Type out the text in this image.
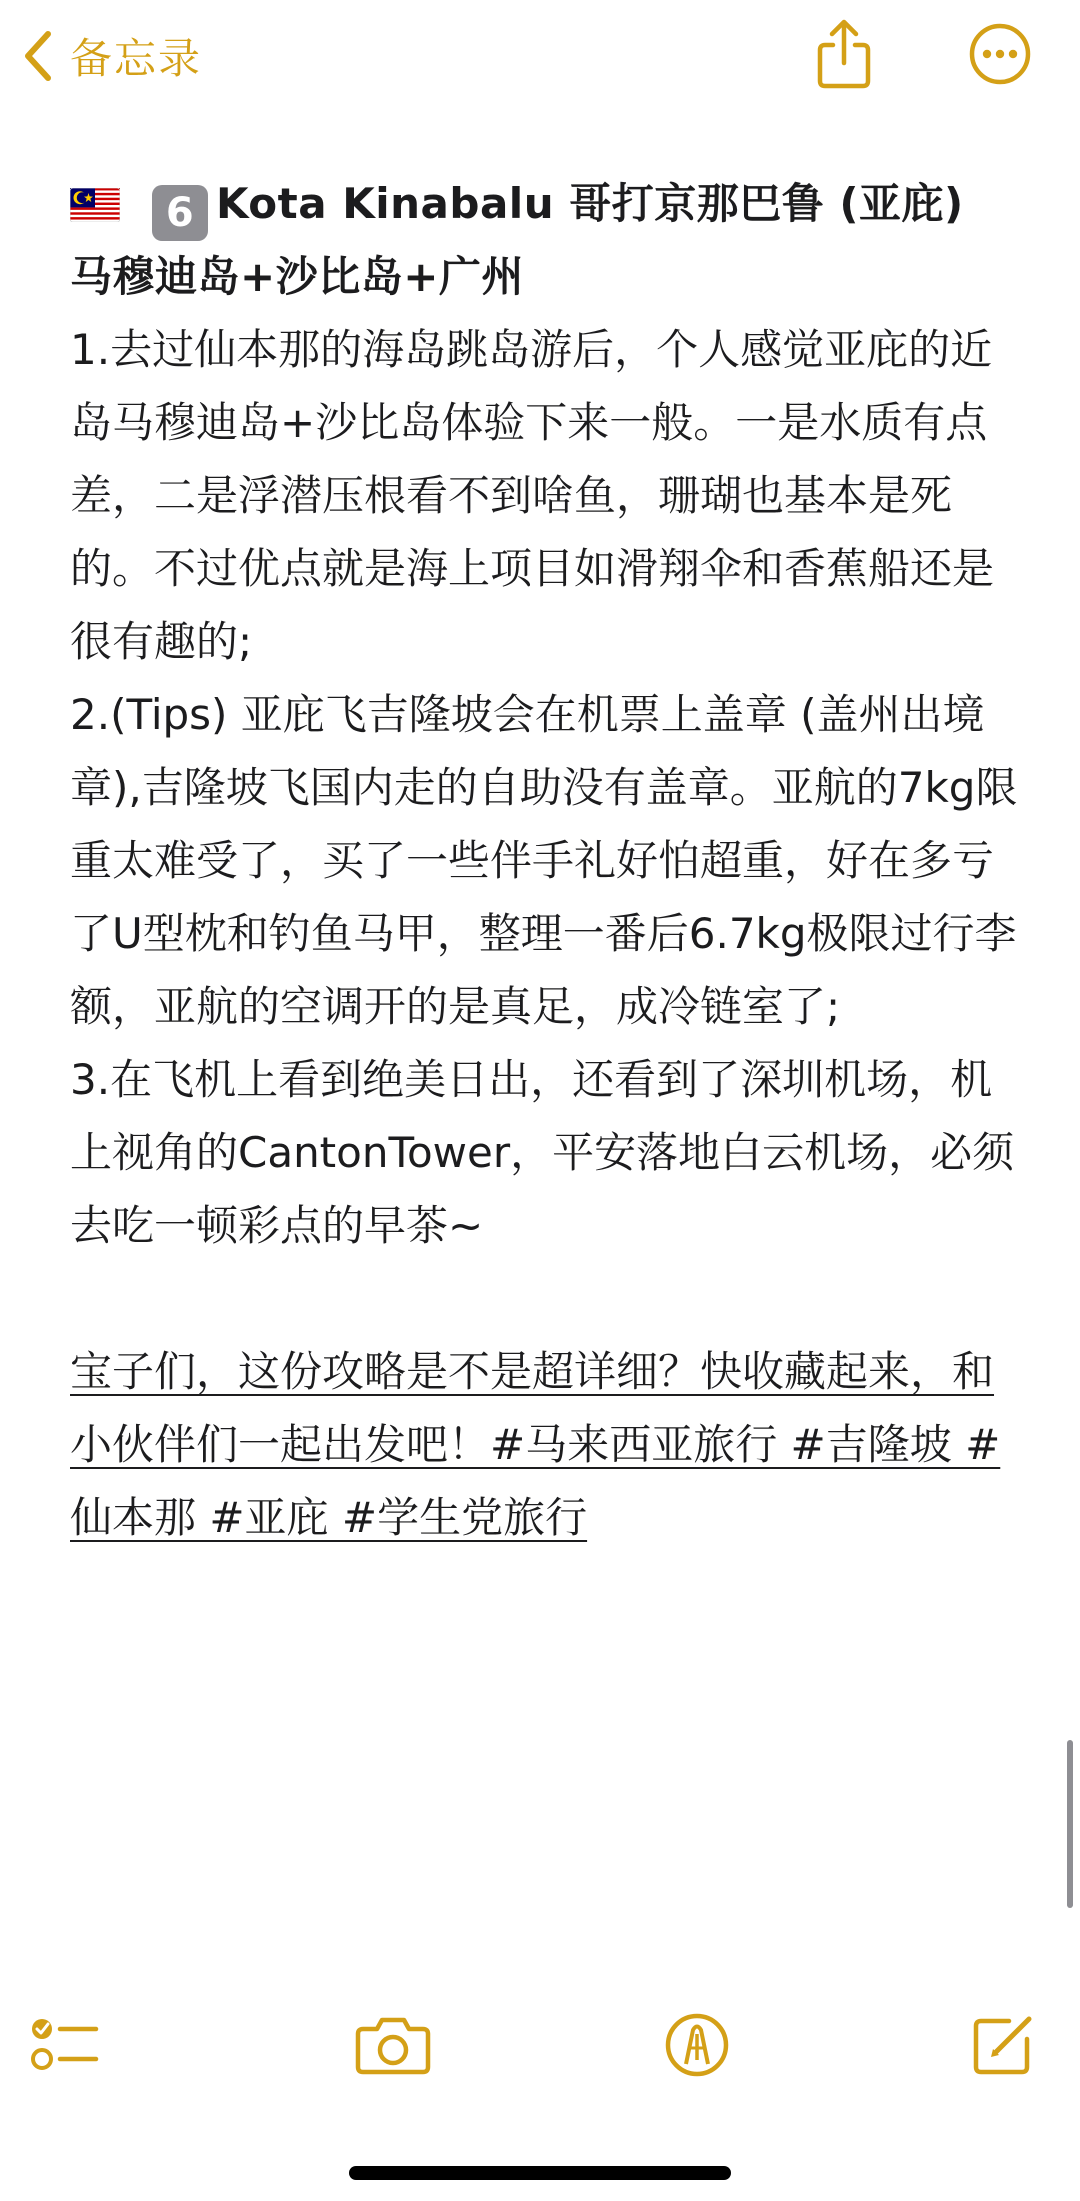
备忘录
6 Kota Kinabalu 哥打京那巴鲁 (亚庇)
马穆迪岛+沙比岛+广州

1.去过仙本那的海岛跳岛游后，个人感觉亚庇的近岛马穆迪岛+沙比岛体验下来一般。一是水质有点差，二是浮潜压根看不到啥鱼，珊瑚也基本是死的。不过优点就是海上项目如滑翔伞和香蕉船还是很有趣的;

2.(Tips) 亚庇飞吉隆坡会在机票上盖章 (盖州出境章),吉隆坡飞国内走的自助没有盖章。亚航的7kg限重太难受了，买了一些伴手礼好怕超重，好在多亏了U型枕和钓鱼马甲，整理一番后6.7kg极限过行李额，亚航的空调开的是真足，成冷链室了;

3.在飞机上看到绝美日出，还看到了深圳机场，机上视角的CantonTower，平安落地白云机场，必须去吃一顿彩点的早茶~

宝子们，这份攻略是不是超详细？快收藏起来，和小伙伴们一起出发吧！#马来西亚旅行 #吉隆坡 #仙本那 #亚庇 #学生党旅行
